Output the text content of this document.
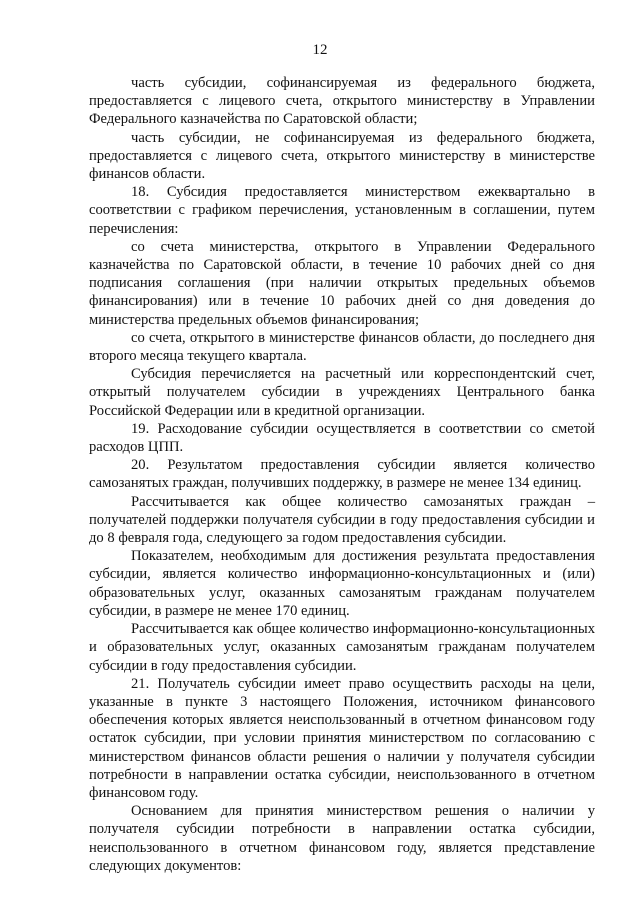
12

часть субсидии, софинансируемая из федерального бюджета, предоставляется с лицевого счета, открытого министерству в Управлении Федерального казначейства по Саратовской области;

часть субсидии, не софинансируемая из федерального бюджета, предоставляется с лицевого счета, открытого министерству в министерстве финансов области.

18. Субсидия предоставляется министерством ежеквартально в соответствии с графиком перечисления, установленным в соглашении, путем перечисления:

со счета министерства, открытого в Управлении Федерального казначейства по Саратовской области, в течение 10 рабочих дней со дня подписания соглашения (при наличии открытых предельных объемов финансирования) или в течение 10 рабочих дней со дня доведения до министерства предельных объемов финансирования;

со счета, открытого в министерстве финансов области, до последнего дня второго месяца текущего квартала.

Субсидия перечисляется на расчетный или корреспондентский счет, открытый получателем субсидии в учреждениях Центрального банка Российской Федерации или в кредитной организации.

19. Расходование субсидии осуществляется в соответствии со сметой расходов ЦПП.

20. Результатом предоставления субсидии является количество самозанятых граждан, получивших поддержку, в размере не менее 134 единиц.

Рассчитывается как общее количество самозанятых граждан – получателей поддержки получателя субсидии в году предоставления субсидии и до 8 февраля года, следующего за годом предоставления субсидии.

Показателем, необходимым для достижения результата предоставления субсидии, является количество информационно-консультационных и (или) образовательных услуг, оказанных самозанятым гражданам получателем субсидии, в размере не менее 170 единиц.

Рассчитывается как общее количество информационно-консультационных и образовательных услуг, оказанных самозанятым гражданам получателем субсидии в году предоставления субсидии.

21. Получатель субсидии имеет право осуществить расходы на цели, указанные в пункте 3 настоящего Положения, источником финансового обеспечения которых является неиспользованный в отчетном финансовом году остаток субсидии, при условии принятия министерством по согласованию с министерством финансов области решения о наличии у получателя субсидии потребности в направлении остатка субсидии, неиспользованного в отчетном финансовом году.

Основанием для принятия министерством решения о наличии у получателя субсидии потребности в направлении остатка субсидии, неиспользованного в отчетном финансовом году, является представление следующих документов:
